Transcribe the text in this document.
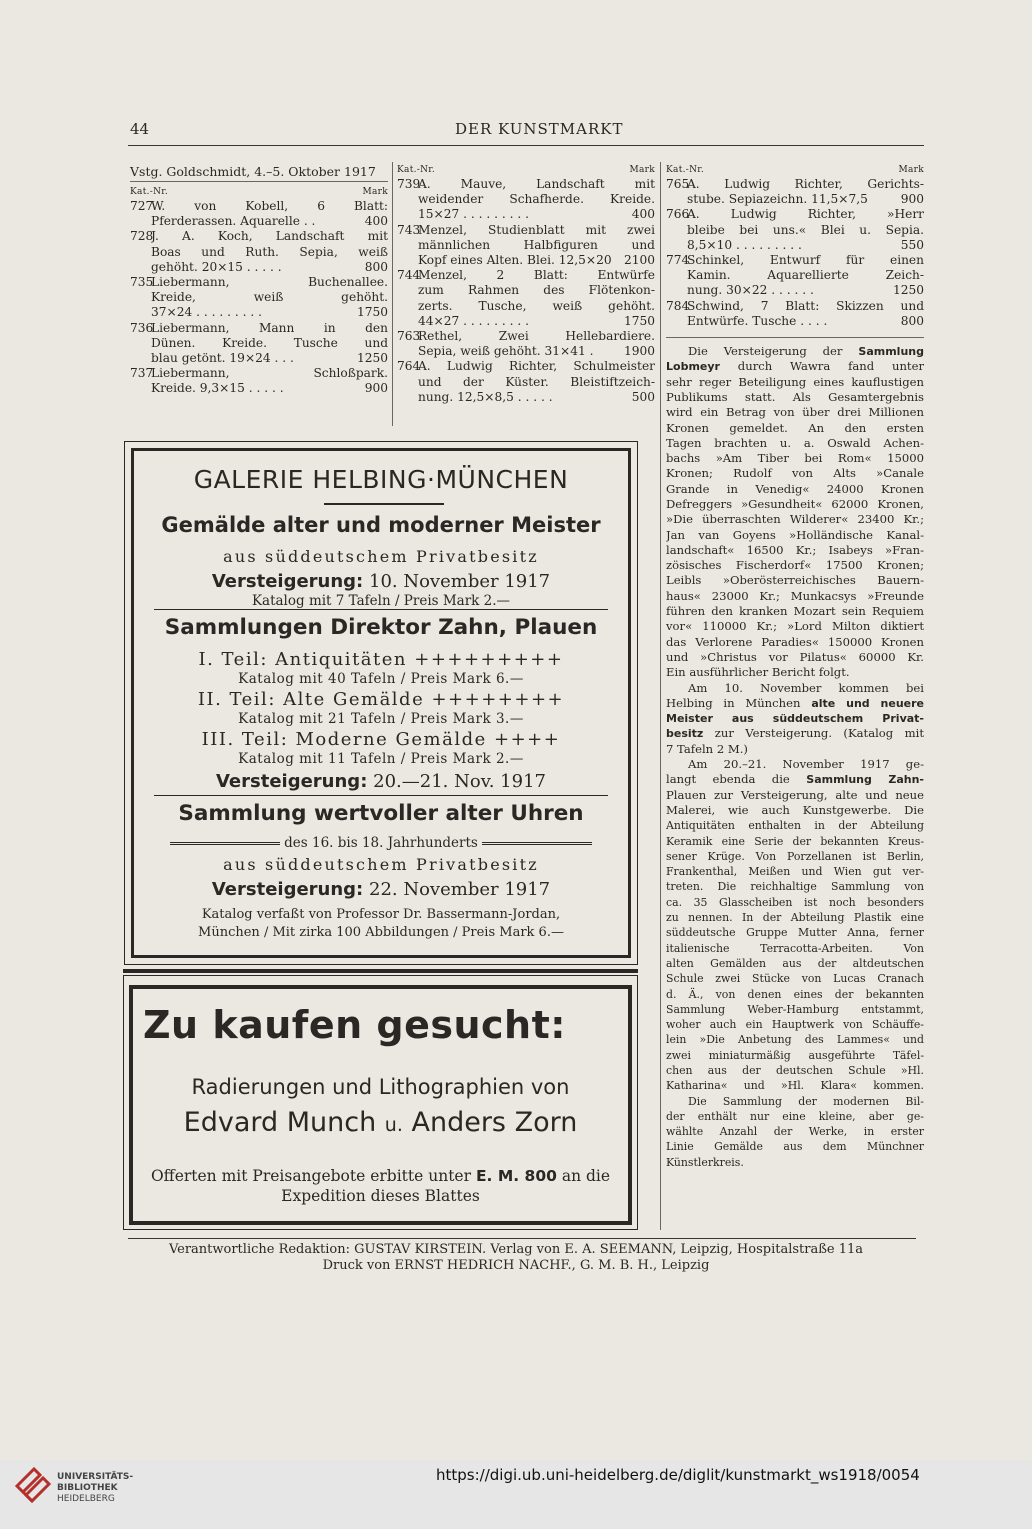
44	DER KUNSTMARKT
Vstg. Goldschmidt, 4.–5. Oktober 1917
Kat.-Nr.	Mark
727
W. von Kobell, 6 Blatt:
Pferderassen. Aquarelle . .	400
728
J. A. Koch, Landschaft mit
Boas und Ruth. Sepia, weiß
gehöht. 20×15 . . . . .	800
735
Liebermann, Buchenallee.
Kreide, weiß gehöht.
37×24 . . . . . . . . .	1750
736
Liebermann, Mann in den
Dünen. Kreide. Tusche und
blau getönt. 19×24 . . .	1250
737
Liebermann, Schloßpark.
Kreide. 9,3×15 . . . . .	900
Kat.-Nr.	Mark
739
A. Mauve, Landschaft mit
weidender Schafherde. Kreide.
15×27 . . . . . . . . .	400
743
Menzel, Studienblatt mit zwei
männlichen Halbfiguren und
Kopf eines Alten. Blei. 12,5×20	2100
744
Menzel, 2 Blatt: Entwürfe
zum Rahmen des Flötenkon-
zerts. Tusche, weiß gehöht.
44×27 . . . . . . . . .	1750
763
Rethel, Zwei Hellebardiere.
Sepia, weiß gehöht. 31×41 .	1900
764
A. Ludwig Richter, Schulmeister
und der Küster. Bleistiftzeich-
nung. 12,5×8,5 . . . . .	500
Kat.-Nr.	Mark
765
A. Ludwig Richter, Gerichts-
stube. Sepiazeichn. 11,5×7,5	900
766
A. Ludwig Richter, »Herr
bleibe bei uns.« Blei u. Sepia.
8,5×10 . . . . . . . . .	550
774
Schinkel, Entwurf für einen
Kamin. Aquarellierte Zeich-
nung. 30×22 . . . . . .	1250
784
Schwind, 7 Blatt: Skizzen und
Entwürfe. Tusche . . . .	800
Die Versteigerung der Sammlung
Lobmeyr durch Wawra fand unter
sehr reger Beteiligung eines kauflustigen
Publikums statt. Als Gesamtergebnis
wird ein Betrag von über drei Millionen
Kronen gemeldet. An den ersten
Tagen brachten u. a. Oswald Achen-
bachs »Am Tiber bei Rom« 15000
Kronen; Rudolf von Alts »Canale
Grande in Venedig« 24000 Kronen
Defreggers »Gesundheit« 62000 Kronen,
»Die überraschten Wilderer« 23400 Kr.;
Jan van Goyens »Holländische Kanal-
landschaft« 16500 Kr.; Isabeys »Fran-
zösisches Fischerdorf« 17500 Kronen;
Leibls »Oberösterreichisches Bauern-
haus« 23000 Kr.; Munkacsys »Freunde
führen den kranken Mozart sein Requiem
vor« 110000 Kr.; »Lord Milton diktiert
das Verlorene Paradies« 150000 Kronen
und »Christus vor Pilatus« 60000 Kr.
Ein ausführlicher Bericht folgt.
Am 10. November kommen bei
Helbing in München alte und neuere
Meister aus süddeutschem Privat-
besitz zur Versteigerung. (Katalog mit
7 Tafeln 2 M.)
Am 20.–21. November 1917 ge-
langt ebenda die Sammlung Zahn-
Plauen zur Versteigerung, alte und neue
Malerei, wie auch Kunstgewerbe. Die
Antiquitäten enthalten in der Abteilung
Keramik eine Serie der bekannten Kreus-
sener Krüge. Von Porzellanen ist Berlin,
Frankenthal, Meißen und Wien gut ver-
treten. Die reichhaltige Sammlung von
ca. 35 Glasscheiben ist noch besonders
zu nennen. In der Abteilung Plastik eine
süddeutsche Gruppe Mutter Anna, ferner
italienische Terracotta-Arbeiten. Von
alten Gemälden aus der altdeutschen
Schule zwei Stücke von Lucas Cranach
d. Ä., von denen eines der bekannten
Sammlung Weber-Hamburg entstammt,
woher auch ein Hauptwerk von Schäuffe-
lein »Die Anbetung des Lammes« und
zwei miniaturmäßig ausgeführte Täfel-
chen aus der deutschen Schule »Hl.
Katharina« und »Hl. Klara« kommen.
Die Sammlung der modernen Bil-
der enthält nur eine kleine, aber ge-
wählte Anzahl der Werke, in erster
Linie Gemälde aus dem Münchner
Künstlerkreis.
GALERIE HELBING·MÜNCHEN
Gemälde alter und moderner Meister
aus süddeutschem Privatbesitz
Versteigerung: 10. November 1917
Katalog mit 7 Tafeln / Preis Mark 2.—
Sammlungen Direktor Zahn, Plauen
I. Teil: Antiquitäten +++++++++
Katalog mit 40 Tafeln / Preis Mark 6.—
II. Teil: Alte Gemälde ++++++++
Katalog mit 21 Tafeln / Preis Mark 3.—
III. Teil: Moderne Gemälde ++++
Katalog mit 11 Tafeln / Preis Mark 2.—
Versteigerung: 20.—21. Nov. 1917
Sammlung wertvoller alter Uhren
des 16. bis 18. Jahrhunderts
aus süddeutschem Privatbesitz
Versteigerung: 22. November 1917
Katalog verfaßt von Professor Dr. Bassermann-Jordan,
München / Mit zirka 100 Abbildungen / Preis Mark 6.—
Zu kaufen gesucht:
Radierungen und Lithographien von
Edvard Munch u. Anders Zorn
Offerten mit Preisangebote erbitte unter E. M. 800 an die
Expedition dieses Blattes
Verantwortliche Redaktion: GUSTAV KIRSTEIN. Verlag von E. A. SEEMANN, Leipzig, Hospitalstraße 11a
Druck von ERNST HEDRICH NACHF., G. M. B. H., Leipzig
UNIVERSITÄTS-
BIBLIOTHEK
HEIDELBERG
https://digi.ub.uni-heidelberg.de/diglit/kunstmarkt_ws1918/0054
